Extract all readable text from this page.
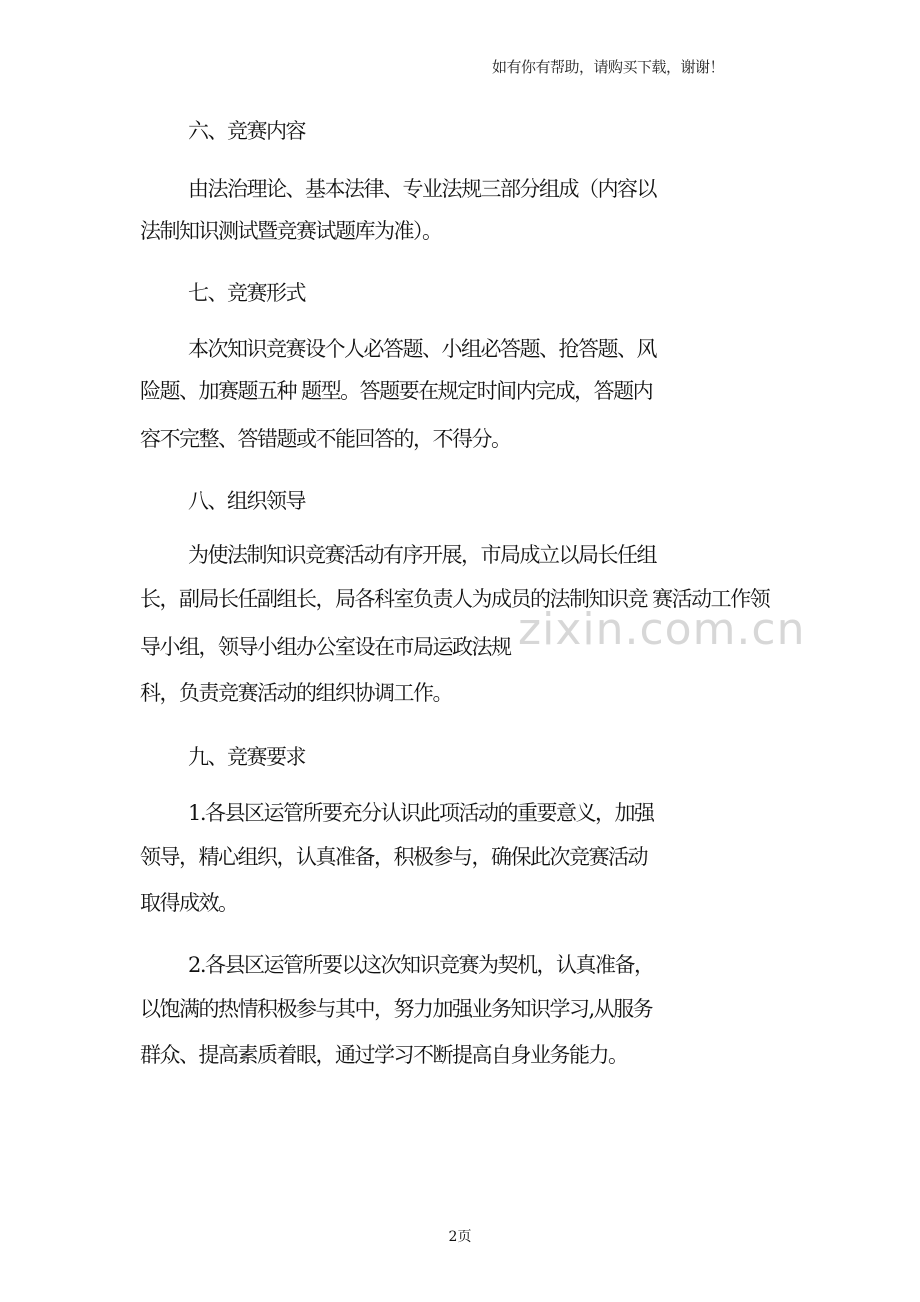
如有你有帮助，请购买下载，谢谢！
zixin.com.cn
六、竞赛内容
由法治理论、基本法律、专业法规三部分组成（内容以
法制知识测试暨竞赛试题库为准）。
七、竞赛形式
本次知识竞赛设个人必答题、小组必答题、抢答题、风
险题、加赛题五种 题型。答题要在规定时间内完成，答题内
容不完整、答错题或不能回答的，不得分。
八、组织领导
为使法制知识竞赛活动有序开展，市局成立以局长任组
长，副局长任副组长，局各科室负责人为成员的法制知识竞 赛活动工作领
导小组，领导小组办公室设在市局运政法规
科，负责竞赛活动的组织协调工作。
九、竞赛要求
1.各县区运管所要充分认识此项活动的重要意义，加强
领导，精心组织，认真准备，积极参与，确保此次竞赛活动
取得成效。
2.各县区运管所要以这次知识竞赛为契机，认真准备，
以饱满的热情积极参与其中，努力加强业务知识学习,从服务
群众、提高素质着眼，通过学习不断提高自身业务能力。
2页
